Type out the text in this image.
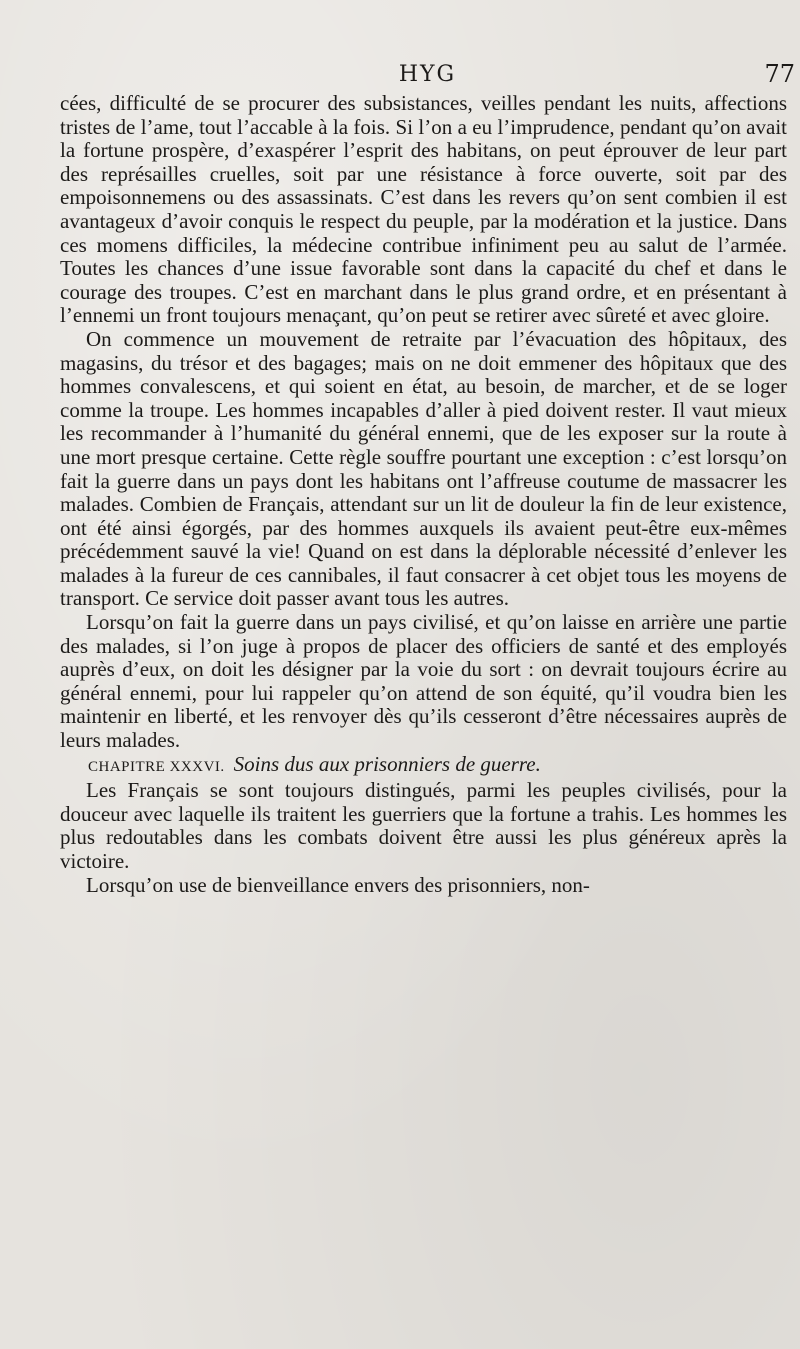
HYG	77

cées, difficulté de se procurer des subsistances, veilles pendant les nuits, affections tristes de l’ame, tout l’accable à la fois. Si l’on a eu l’imprudence, pendant qu’on avait la fortune prospère, d’exaspérer l’esprit des habitans, on peut éprouver de leur part des représailles cruelles, soit par une résistance à force ouverte, soit par des empoisonnemens ou des assassinats. C’est dans les revers qu’on sent combien il est avantageux d’avoir conquis le respect du peuple, par la modération et la justice. Dans ces momens difficiles, la médecine contribue infiniment peu au salut de l’armée. Toutes les chances d’une issue favorable sont dans la capacité du chef et dans le courage des troupes. C’est en marchant dans le plus grand ordre, et en présentant à l’ennemi un front toujours menaçant, qu’on peut se retirer avec sûreté et avec gloire.

On commence un mouvement de retraite par l’évacuation des hôpitaux, des magasins, du trésor et des bagages; mais on ne doit emmener des hôpitaux que des hommes convalescens, et qui soient en état, au besoin, de marcher, et de se loger comme la troupe. Les hommes incapables d’aller à pied doivent rester. Il vaut mieux les recommander à l’humanité du général ennemi, que de les exposer sur la route à une mort presque certaine. Cette règle souffre pourtant une exception : c’est lorsqu’on fait la guerre dans un pays dont les habitans ont l’affreuse coutume de massacrer les malades. Combien de Français, attendant sur un lit de douleur la fin de leur existence, ont été ainsi égorgés, par des hommes auxquels ils avaient peut-être eux-mêmes précédemment sauvé la vie! Quand on est dans la déplorable nécessité d’enlever les malades à la fureur de ces cannibales, il faut consacrer à cet objet tous les moyens de transport. Ce service doit passer avant tous les autres.

Lorsqu’on fait la guerre dans un pays civilisé, et qu’on laisse en arrière une partie des malades, si l’on juge à propos de placer des officiers de santé et des employés auprès d’eux, on doit les désigner par la voie du sort : on devrait toujours écrire au général ennemi, pour lui rappeler qu’on attend de son équité, qu’il voudra bien les maintenir en liberté, et les renvoyer dès qu’ils cesseront d’être nécessaires auprès de leurs malades.

CHAPITRE XXXVI. Soins dus aux prisonniers de guerre.

Les Français se sont toujours distingués, parmi les peuples civilisés, pour la douceur avec laquelle ils traitent les guerriers que la fortune a trahis. Les hommes les plus redoutables dans les combats doivent être aussi les plus généreux après la victoire.

Lorsqu’on use de bienveillance envers des prisonniers, non-
